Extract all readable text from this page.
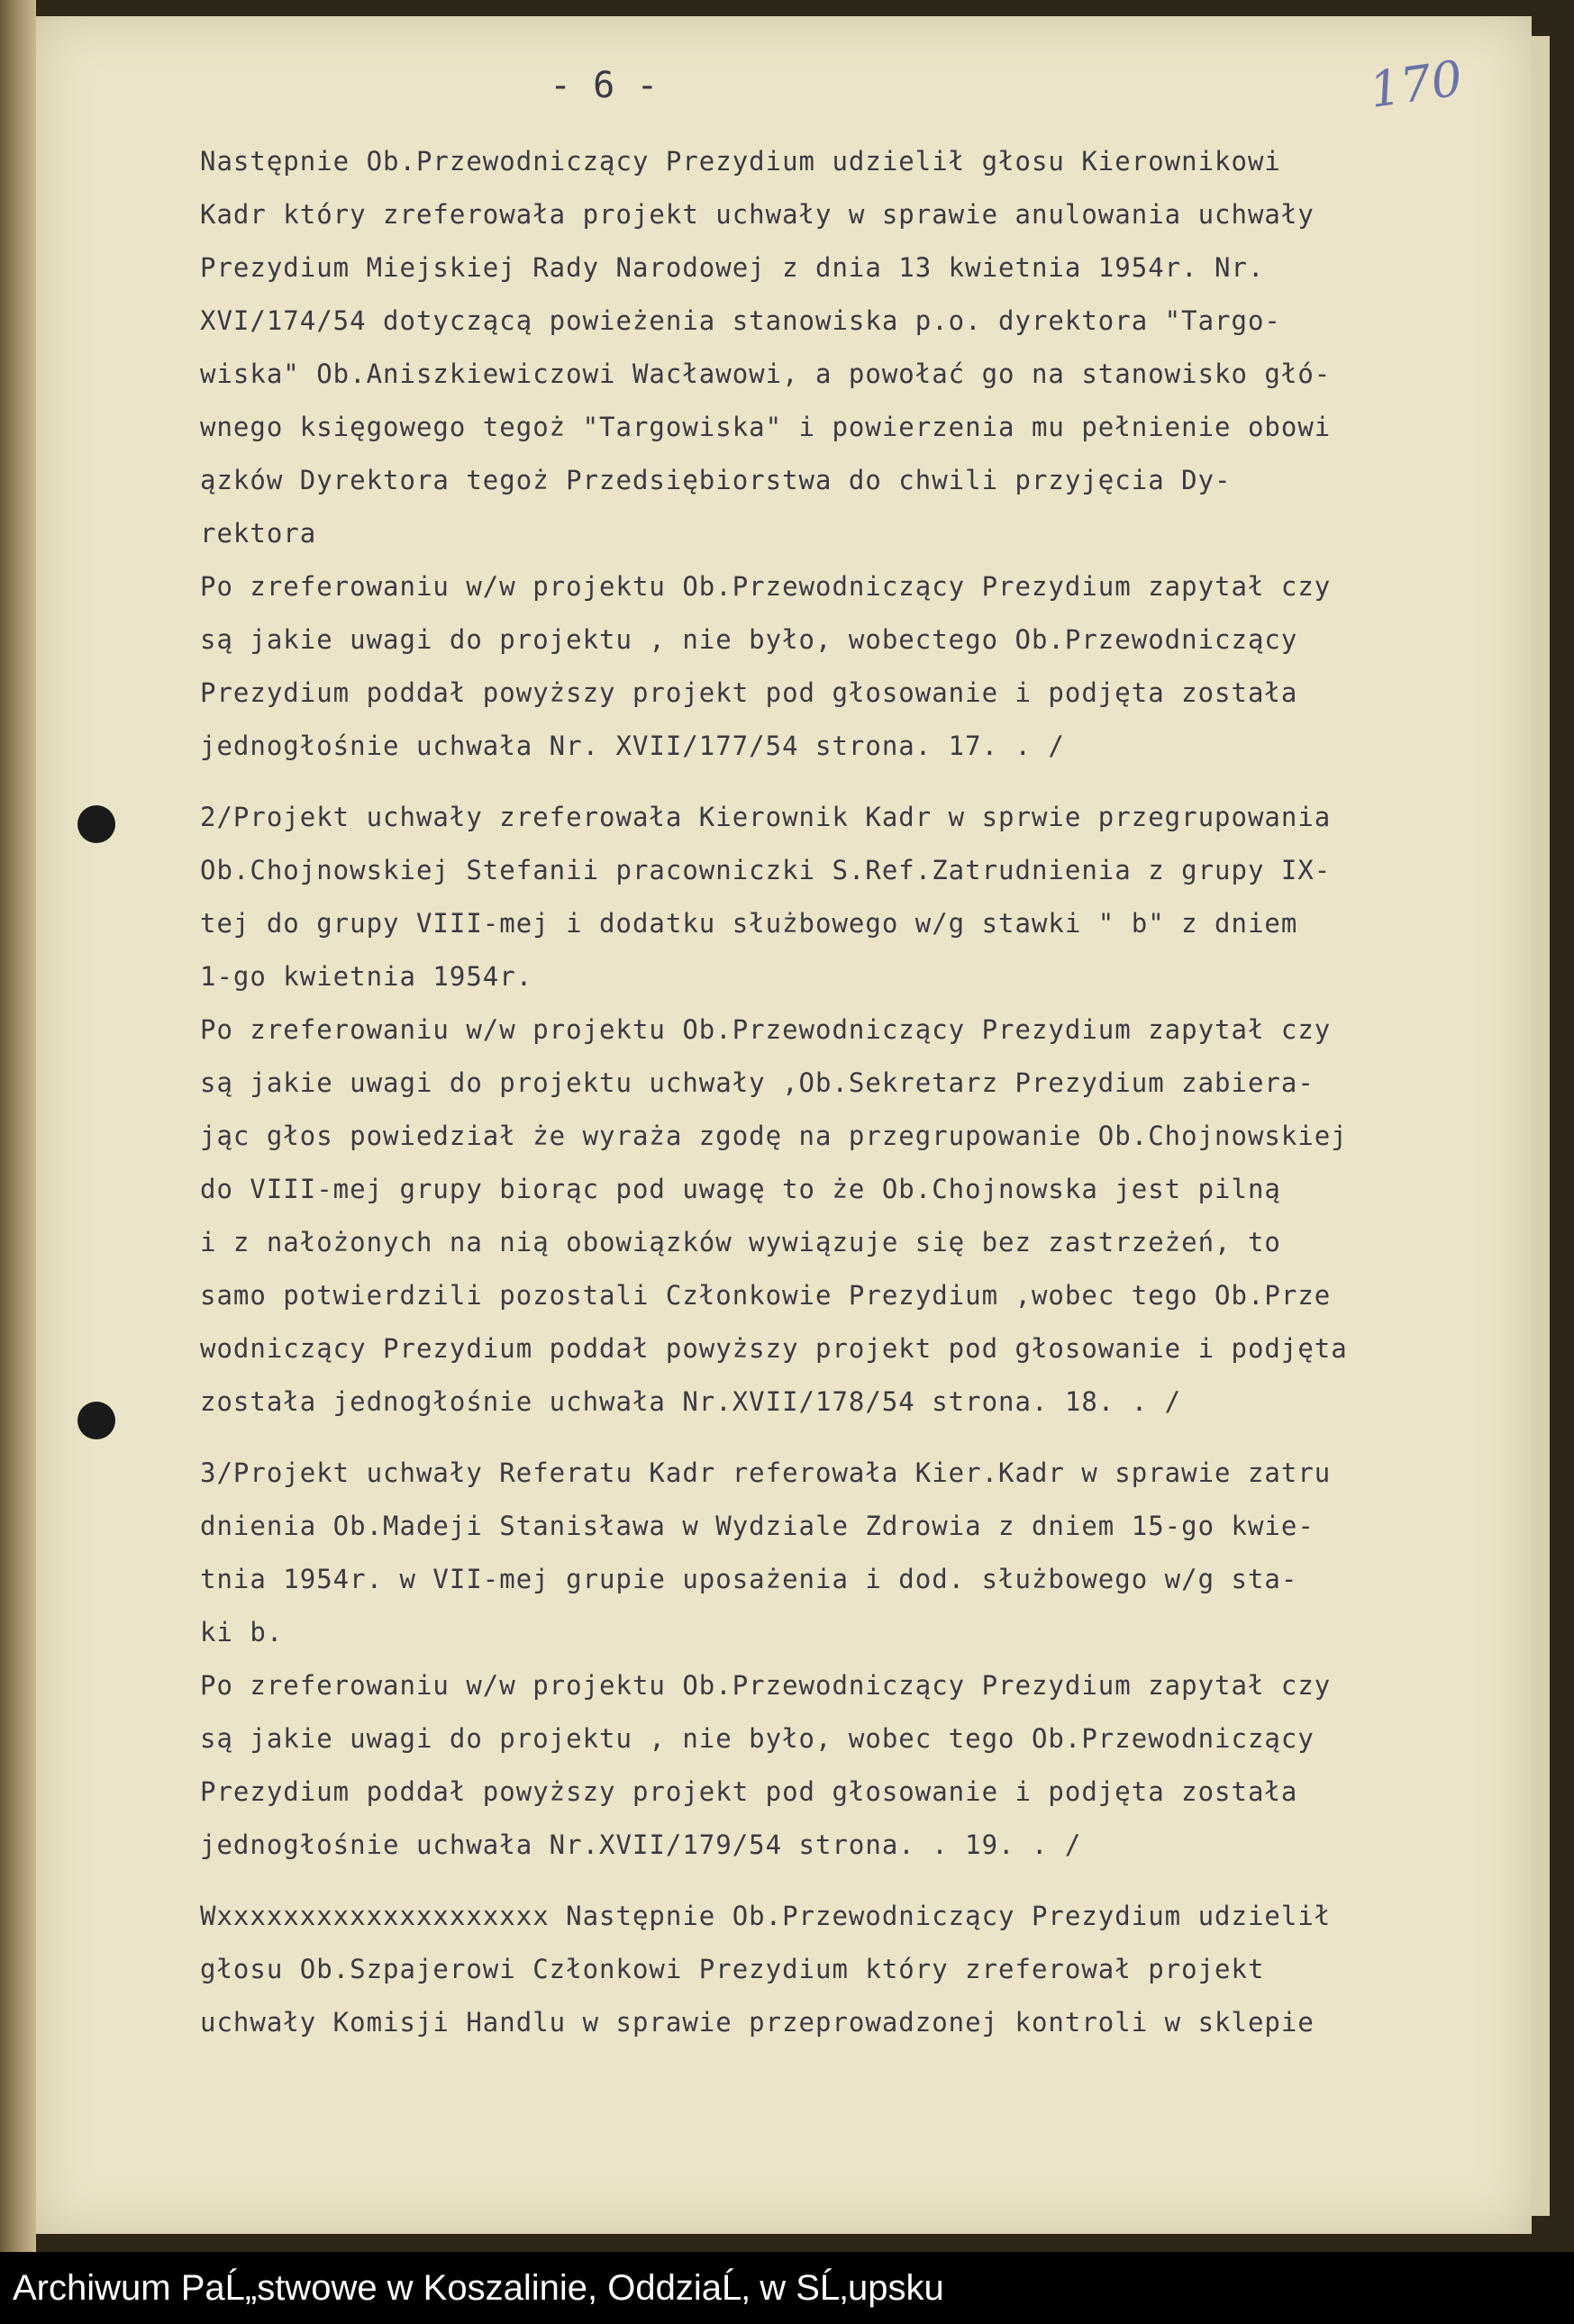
- 6 -	170
Następnie Ob.Przewodniczący Prezydium udzielił głosu Kierownikowi
Kadr który zreferowała projekt uchwały w sprawie anulowania uchwały
Prezydium Miejskiej Rady Narodowej z dnia 13 kwietnia 1954r. Nr.
XVI/174/54 dotyczącą powieżenia stanowiska p.o. dyrektora "Targo-
wiska" Ob.Aniszkiewiczowi Wacławowi, a powołać go na stanowisko głó-
wnego księgowego tegoż "Targowiska" i powierzenia mu pełnienie obowi
ązków Dyrektora tegoż Przedsiębiorstwa do chwili przyjęcia Dy-
rektora
Po zreferowaniu w/w projektu Ob.Przewodniczący Prezydium zapytał czy
są jakie uwagi do projektu , nie było, wobectego Ob.Przewodniczący
Prezydium poddał powyższy projekt pod głosowanie i podjęta została
jednogłośnie uchwała Nr. XVII/177/54 strona. 17. . /
2/Projekt uchwały zreferowała Kierownik Kadr w sprwie przegrupowania
Ob.Chojnowskiej Stefanii pracowniczki S.Ref.Zatrudnienia z grupy IX-
tej do grupy VIII-mej i dodatku służbowego w/g stawki " b" z dniem
1-go kwietnia 1954r.
Po zreferowaniu w/w projektu Ob.Przewodniczący Prezydium zapytał czy
są jakie uwagi do projektu uchwały ,Ob.Sekretarz Prezydium zabiera-
jąc głos powiedział że wyraża zgodę na przegrupowanie Ob.Chojnowskiej
do VIII-mej grupy biorąc pod uwagę to że Ob.Chojnowska jest pilną
i z nałożonych na nią obowiązków wywiązuje się bez zastrzeżeń, to
samo potwierdzili pozostali Członkowie Prezydium ,wobec tego Ob.Prze
wodniczący Prezydium poddał powyższy projekt pod głosowanie i podjęta
została jednogłośnie uchwała Nr.XVII/178/54 strona. 18. . /
3/Projekt uchwały Referatu Kadr referowała Kier.Kadr w sprawie zatru
dnienia Ob.Madeji Stanisława w Wydziale Zdrowia z dniem 15-go kwie-
tnia 1954r. w VII-mej grupie uposażenia i dod. służbowego w/g sta-
ki b.
Po zreferowaniu w/w projektu Ob.Przewodniczący Prezydium zapytał czy
są jakie uwagi do projektu , nie było, wobec tego Ob.Przewodniczący
Prezydium poddał powyższy projekt pod głosowanie i podjęta została
jednogłośnie uchwała Nr.XVII/179/54 strona. . 19. . /
Wxxxxxxxxxxxxxxxxxxxx Następnie Ob.Przewodniczący Prezydium udzielił
głosu Ob.Szpajerowi Członkowi Prezydium który zreferował projekt
uchwały Komisji Handlu w sprawie przeprowadzonej kontroli w sklepie
Archiwum PaĹ„stwowe w Koszalinie, OddziaĹ‚ w SĹ‚upsku
